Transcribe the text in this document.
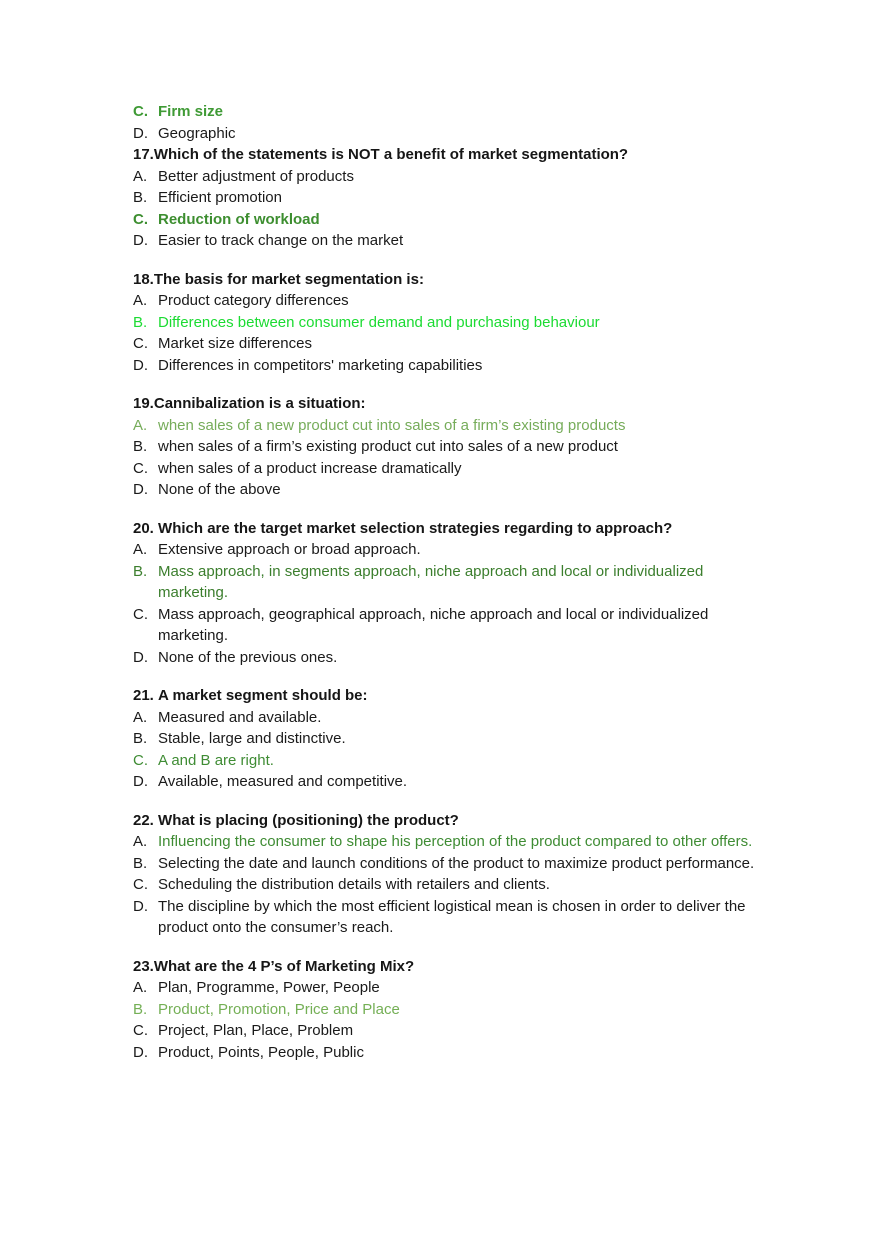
C. Firm size
D. Geographic
17.Which of the statements is NOT a benefit of market segmentation?
A. Better adjustment of products
B. Efficient promotion
C. Reduction of workload
D. Easier to track change on the market
18.The basis for market segmentation is:
A. Product category differences
B. Differences between consumer demand and purchasing behaviour
C. Market size differences
D. Differences in competitors' marketing capabilities
19.Cannibalization is a situation:
A. when sales of a new product cut into sales of a firm’s existing products
B. when sales of a firm’s existing product cut into sales of a new product
C. when sales of a product increase dramatically
D. None of the above
20. Which are the target market selection strategies regarding to approach?
A. Extensive approach or broad approach.
B. Mass approach, in segments approach, niche approach and local or individualized marketing.
C. Mass approach, geographical approach, niche approach and local or individualized marketing.
D. None of the previous ones.
21. A market segment should be:
A. Measured and available.
B. Stable, large and distinctive.
C. A and B are right.
D. Available, measured and competitive.
22. What is placing (positioning) the product?
A. Influencing the consumer to shape his perception of the product compared to other offers.
B. Selecting the date and launch conditions of the product to maximize product performance.
C. Scheduling the distribution details with retailers and clients.
D. The discipline by which the most efficient logistical mean is chosen in order to deliver the product onto the consumer’s reach.
23.What are the 4 P’s of Marketing Mix?
A. Plan, Programme, Power, People
B. Product, Promotion, Price and Place
C. Project, Plan, Place, Problem
D. Product, Points, People, Public
